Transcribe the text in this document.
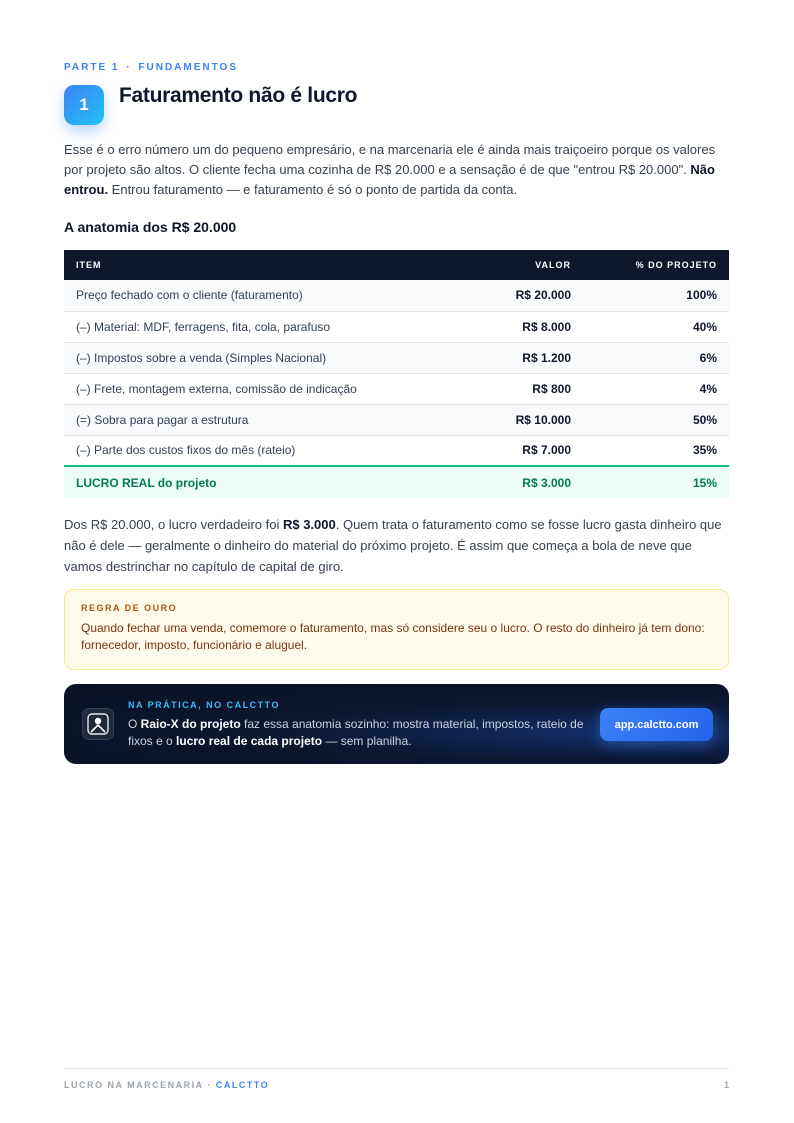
PARTE 1 · FUNDAMENTOS
1	Faturamento não é lucro

Esse é o erro número um do pequeno empresário, e na marcenaria ele é ainda mais traiçoeiro porque os valores por projeto são altos. O cliente fecha uma cozinha de R$ 20.000 e a sensação é de que "entrou R$ 20.000". Não entrou. Entrou faturamento — e faturamento é só o ponto de partida da conta.

A anatomia dos R$ 20.000
ITEM	VALOR	% DO PROJETO
Preço fechado com o cliente (faturamento)	R$ 20.000	100%
(–) Material: MDF, ferragens, fita, cola, parafuso	R$ 8.000	40%
(–) Impostos sobre a venda (Simples Nacional)	R$ 1.200	6%
(–) Frete, montagem externa, comissão de indicação	R$ 800	4%
(=) Sobra para pagar a estrutura	R$ 10.000	50%
(–) Parte dos custos fixos do mês (rateio)	R$ 7.000	35%
LUCRO REAL do projeto	R$ 3.000	15%

Dos R$ 20.000, o lucro verdadeiro foi R$ 3.000. Quem trata o faturamento como se fosse lucro gasta dinheiro que não é dele — geralmente o dinheiro do material do próximo projeto. É assim que começa a bola de neve que vamos destrinchar no capítulo de capital de giro.

REGRA DE OURO
Quando fechar uma venda, comemore o faturamento, mas só considere seu o lucro. O resto do dinheiro já tem dono: fornecedor, imposto, funcionário e aluguel.
NA PRÁTICA, NO CALCTTO
O Raio-X do projeto faz essa anatomia sozinho: mostra material, impostos, rateio de fixos e o lucro real de cada projeto — sem planilha.
app.calctto.com
LUCRO NA MARCENARIA · CALCTTO	1
